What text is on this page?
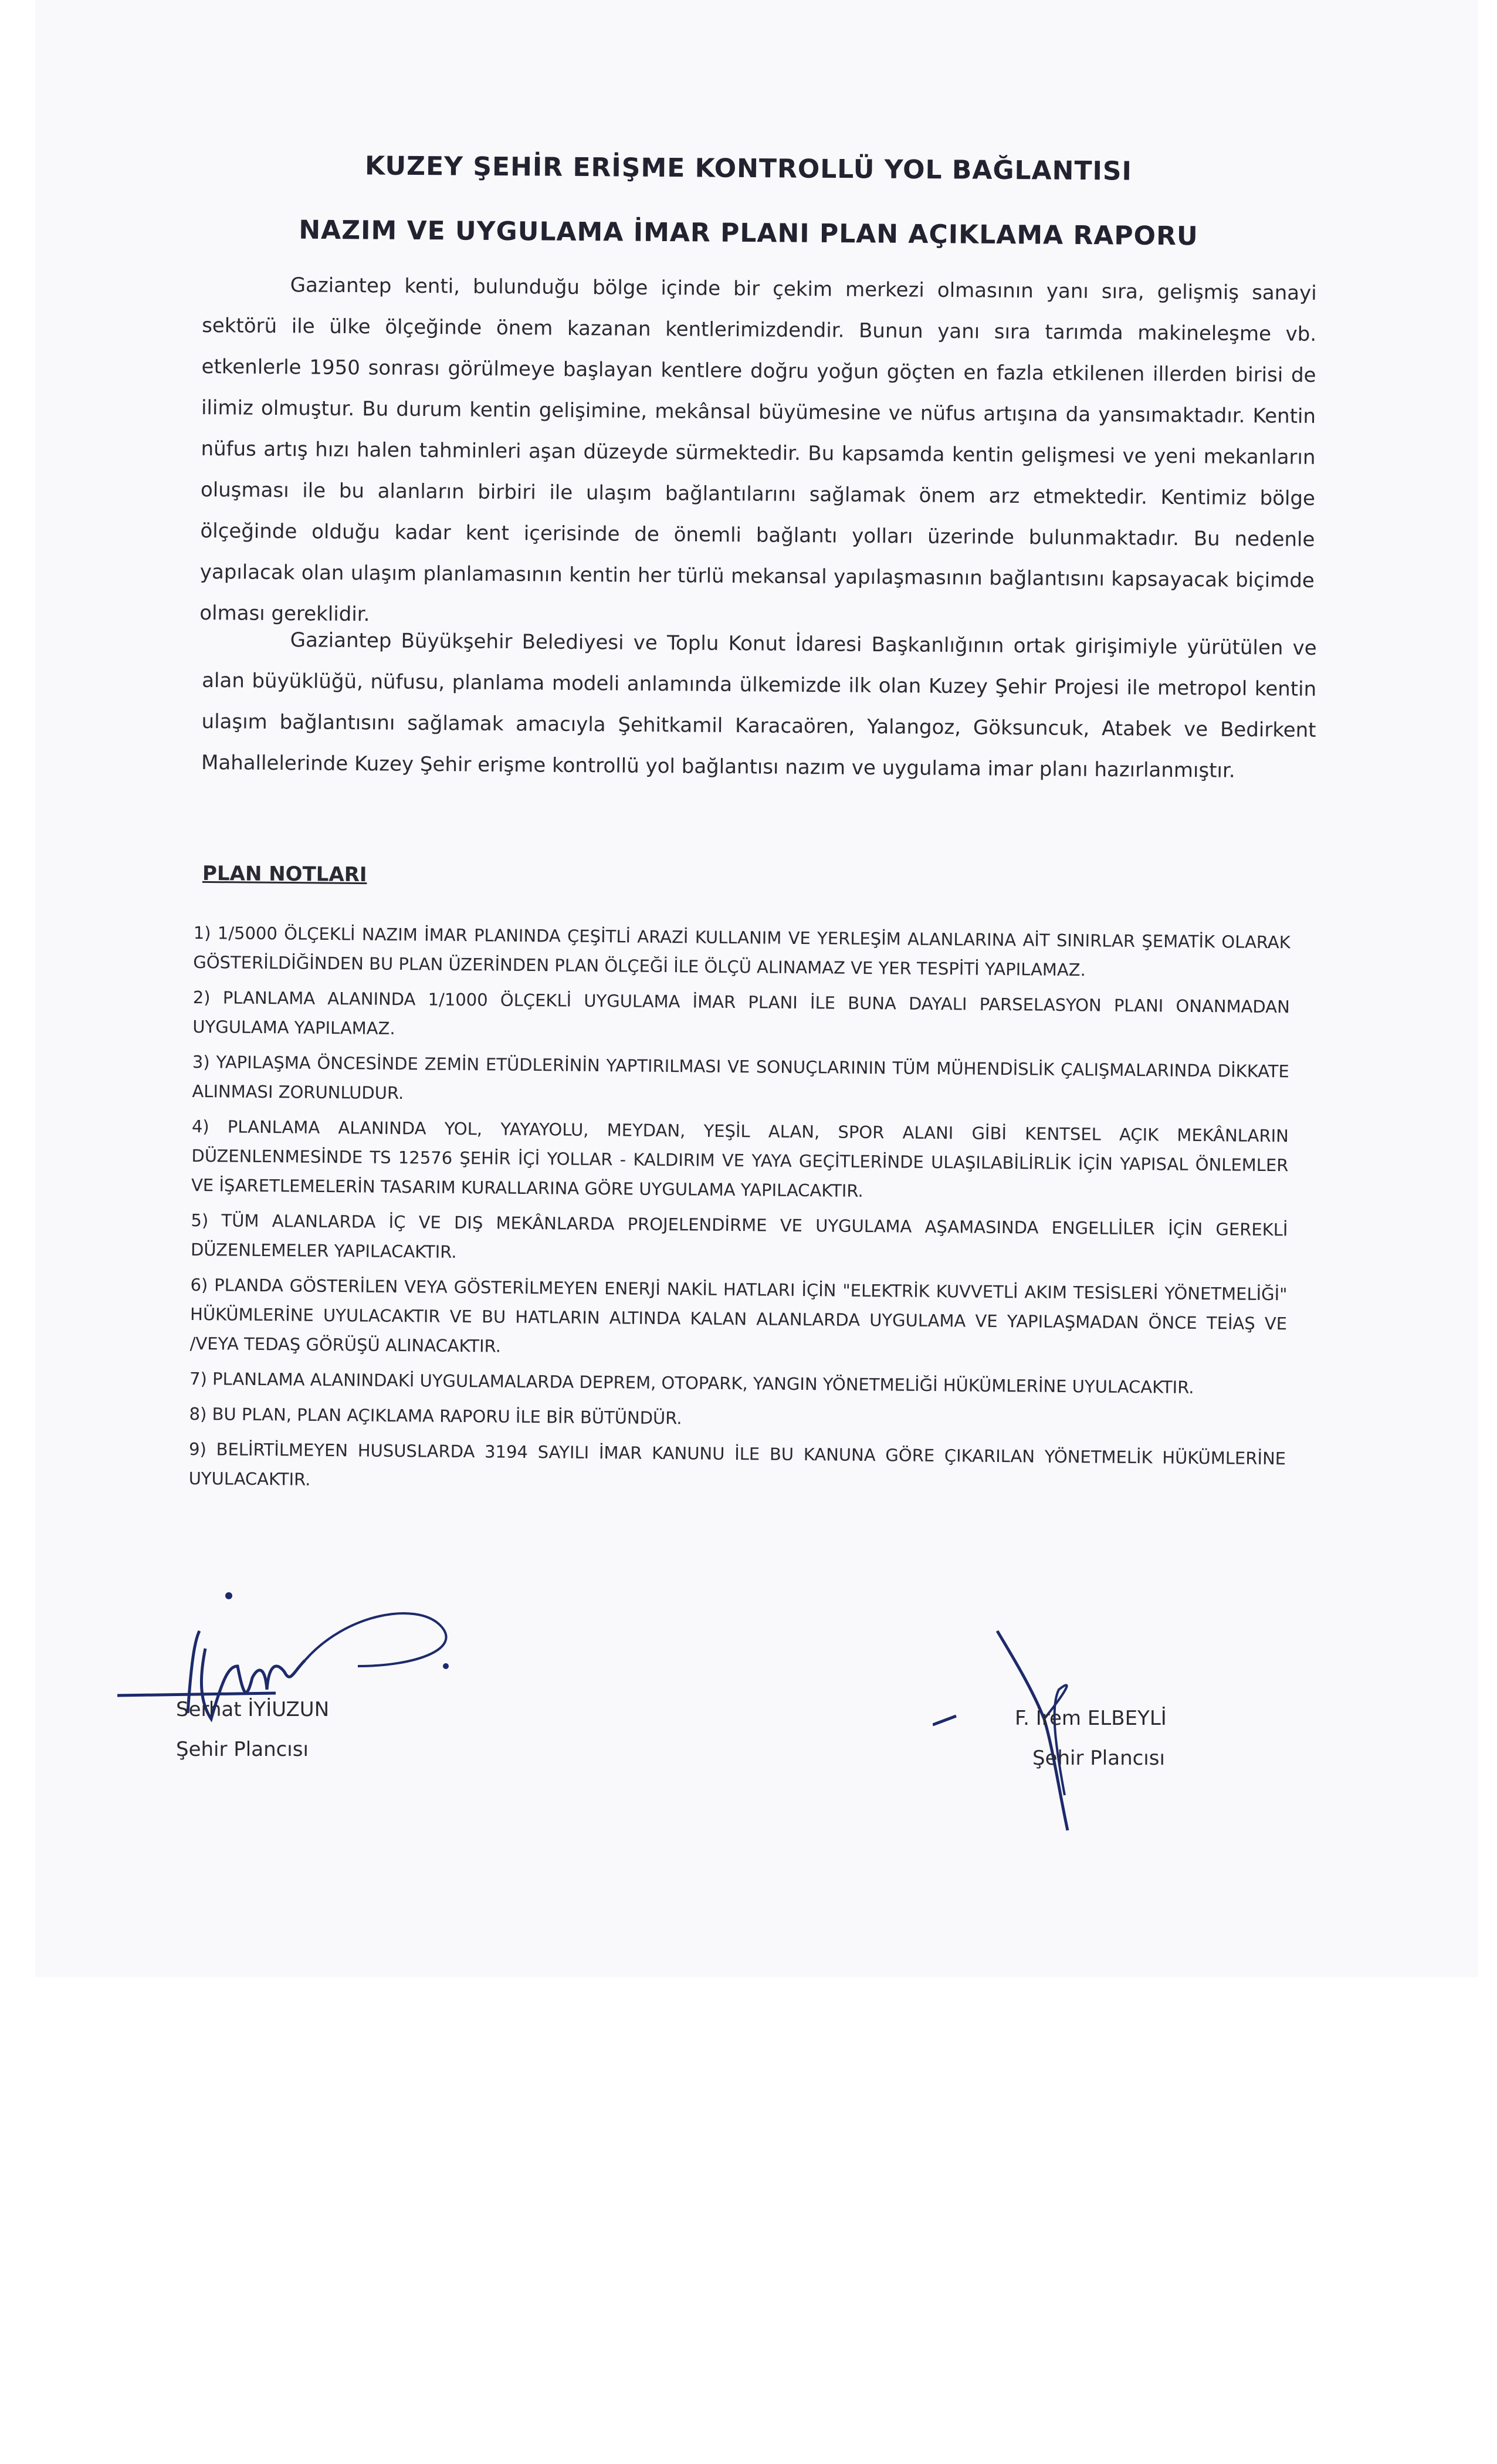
KUZEY ŞEHİR ERİŞME KONTROLLÜ YOL BAĞLANTISI
NAZIM VE UYGULAMA İMAR PLANI PLAN AÇIKLAMA RAPORU
Gaziantep kenti, bulunduğu bölge içinde bir çekim merkezi olmasının yanı sıra, gelişmiş sanayi sektörü ile ülke ölçeğinde önem kazanan kentlerimizdendir. Bunun yanı sıra tarımda makineleşme vb. etkenlerle 1950 sonrası görülmeye başlayan kentlere doğru yoğun göçten en fazla etkilenen illerden birisi de ilimiz olmuştur. Bu durum kentin gelişimine, mekânsal büyümesine ve nüfus artışına da yansımaktadır. Kentin nüfus artış hızı halen tahminleri aşan düzeyde sürmektedir. Bu kapsamda kentin gelişmesi ve yeni mekanların oluşması ile bu alanların birbiri ile ulaşım bağlantılarını sağlamak önem arz etmektedir. Kentimiz bölge ölçeğinde olduğu kadar kent içerisinde de önemli bağlantı yolları üzerinde bulunmaktadır. Bu nedenle yapılacak olan ulaşım planlamasının kentin her türlü mekansal yapılaşmasının bağlantısını kapsayacak biçimde olması gereklidir.
Gaziantep Büyükşehir Belediyesi ve Toplu Konut İdaresi Başkanlığının ortak girişimiyle yürütülen ve alan büyüklüğü, nüfusu, planlama modeli anlamında ülkemizde ilk olan Kuzey Şehir Projesi ile metropol kentin ulaşım bağlantısını sağlamak amacıyla Şehitkamil Karacaören, Yalangoz, Göksuncuk, Atabek ve Bedirkent Mahallelerinde Kuzey Şehir erişme kontrollü yol bağlantısı nazım ve uygulama imar planı hazırlanmıştır.
PLAN NOTLARI
1) 1/5000 ÖLÇEKLİ NAZIM İMAR PLANINDA ÇEŞİTLİ ARAZİ KULLANIM VE YERLEŞİM ALANLARINA AİT SINIRLAR ŞEMATİK OLARAK GÖSTERİLDİĞİNDEN BU PLAN ÜZERİNDEN PLAN ÖLÇEĞİ İLE ÖLÇÜ ALINAMAZ VE YER TESPİTİ YAPILAMAZ.
2) PLANLAMA ALANINDA 1/1000 ÖLÇEKLİ UYGULAMA İMAR PLANI İLE BUNA DAYALI PARSELASYON PLANI ONANMADAN UYGULAMA YAPILAMAZ.
3) YAPILAŞMA ÖNCESİNDE ZEMİN ETÜDLERİNİN YAPTIRILMASI VE SONUÇLARININ TÜM MÜHENDİSLİK ÇALIŞMALARINDA DİKKATE ALINMASI ZORUNLUDUR.
4) PLANLAMA ALANINDA YOL, YAYAYOLU, MEYDAN, YEŞİL ALAN, SPOR ALANI GİBİ KENTSEL AÇIK MEKÂNLARIN DÜZENLENMESİNDE TS 12576 ŞEHİR İÇİ YOLLAR - KALDIRIM VE YAYA GEÇİTLERİNDE ULAŞILABİLİRLİK İÇİN YAPISAL ÖNLEMLER VE İŞARETLEMELERİN TASARIM KURALLARINA GÖRE UYGULAMA YAPILACAKTIR.
5) TÜM ALANLARDA İÇ VE DIŞ MEKÂNLARDA PROJELENDİRME VE UYGULAMA AŞAMASINDA ENGELLİLER İÇİN GEREKLİ DÜZENLEMELER YAPILACAKTIR.
6) PLANDA GÖSTERİLEN VEYA GÖSTERİLMEYEN ENERJİ NAKİL HATLARI İÇİN "ELEKTRİK KUVVETLİ AKIM TESİSLERİ YÖNETMELİĞİ" HÜKÜMLERİNE UYULACAKTIR VE BU HATLARIN ALTINDA KALAN ALANLARDA UYGULAMA VE YAPILAŞMADAN ÖNCE TEİAŞ VE /VEYA TEDAŞ GÖRÜŞÜ ALINACAKTIR.
7) PLANLAMA ALANINDAKİ UYGULAMALARDA DEPREM, OTOPARK, YANGIN YÖNETMELİĞİ HÜKÜMLERİNE UYULACAKTIR.
8) BU PLAN, PLAN AÇIKLAMA RAPORU İLE BİR BÜTÜNDÜR.
9) BELİRTİLMEYEN HUSUSLARDA 3194 SAYILI İMAR KANUNU İLE BU KANUNA GÖRE ÇIKARILAN YÖNETMELİK HÜKÜMLERİNE UYULACAKTIR.
Serhat İYİUZUN
Şehir Plancısı
F. İrem ELBEYLİ
Şehir Plancısı
